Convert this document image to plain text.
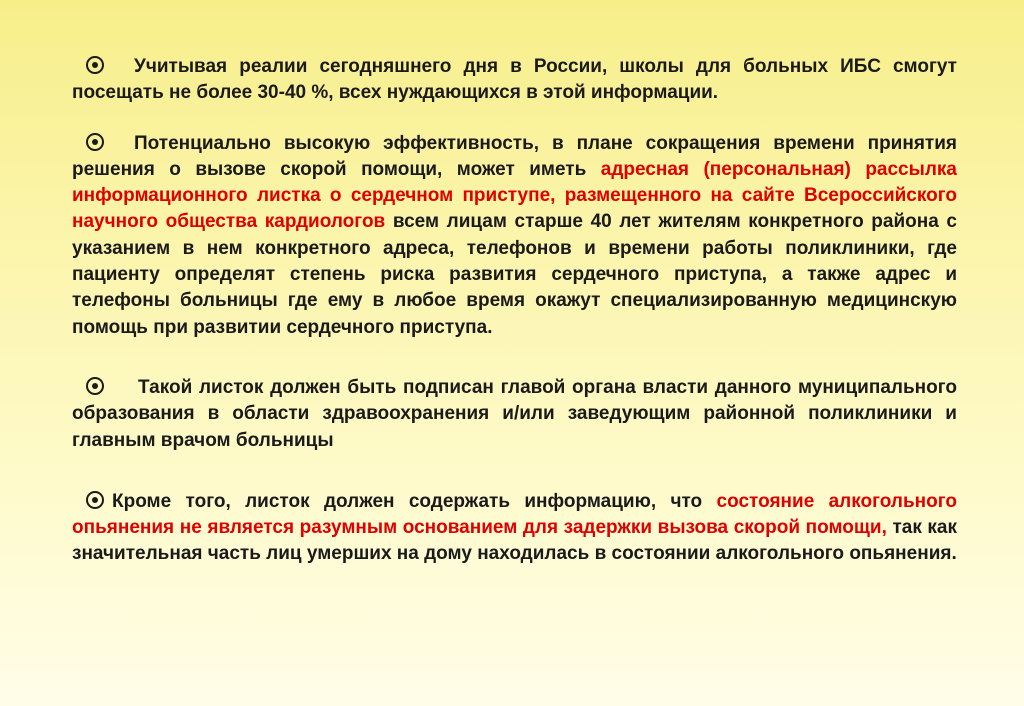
Учитывая реалии сегодняшнего дня в России, школы для больных ИБС смогут посещать не более 30-40 %, всех нуждающихся в этой информации.

Потенциально высокую эффективность, в плане сокращения времени принятия решения о вызове скорой помощи, может иметь адресная (персональная) рассылка информационного листка о сердечном приступе, размещенного на сайте Всероссийского научного общества кардиологов всем лицам старше 40 лет жителям конкретного района с указанием в нем конкретного адреса, телефонов и времени работы поликлиники, где пациенту определят степень риска развития сердечного приступа, а также адрес и телефоны больницы где ему в любое время окажут специализированную медицинскую помощь при развитии сердечного приступа.

Такой листок должен быть подписан главой органа власти данного муниципального образования в области здравоохранения и/или заведующим районной поликлиники и главным врачом больницы

Кроме того, листок должен содержать информацию, что состояние алкогольного опьянения не является разумным основанием для задержки вызова скорой помощи, так как значительная часть лиц умерших на дому находилась в состоянии алкогольного опьянения.
